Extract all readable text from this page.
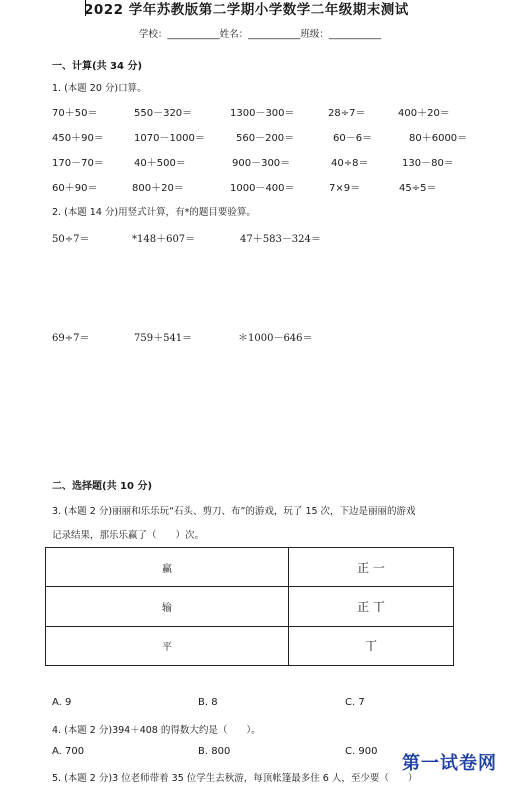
2022 学年苏教版第二学期小学数学二年级期末测试
学校：___________姓名：___________班级：___________
一、计算(共 34 分)
1. (本题 20 分)口算。
70＋50＝	550－320＝	1300－300＝	28÷7＝	400＋20＝
450＋90＝	1070－1000＝	560－200＝	60－6＝	80＋6000＝
170－70＝	40＋500＝	900－300＝	40÷8＝	130－80＝
60＋90＝	800＋20＝	1000－400＝	7×9＝	45÷5＝
2. (本题 14 分)用竖式计算，有*的题目要验算。
50÷7＝	*148＋607＝	47＋583－324＝
69÷7＝	759＋541＝	＊1000－646＝
二、选择题(共 10 分)
3. (本题 2 分)丽丽和乐乐玩“石头、剪刀、布”的游戏，玩了 15 次，下边是丽丽的游戏
记录结果，那乐乐赢了（　　）次。
赢	正 一
输	正 丅
平	丅
A. 9	B. 8	C. 7
4. (本题 2 分)394＋408 的得数大约是（　　）。
A. 700	B. 800	C. 900
5. (本题 2 分)3 位老师带着 35 位学生去秋游，每顶帐篷最多住 6 人，至少要（　　）
第一试卷网
